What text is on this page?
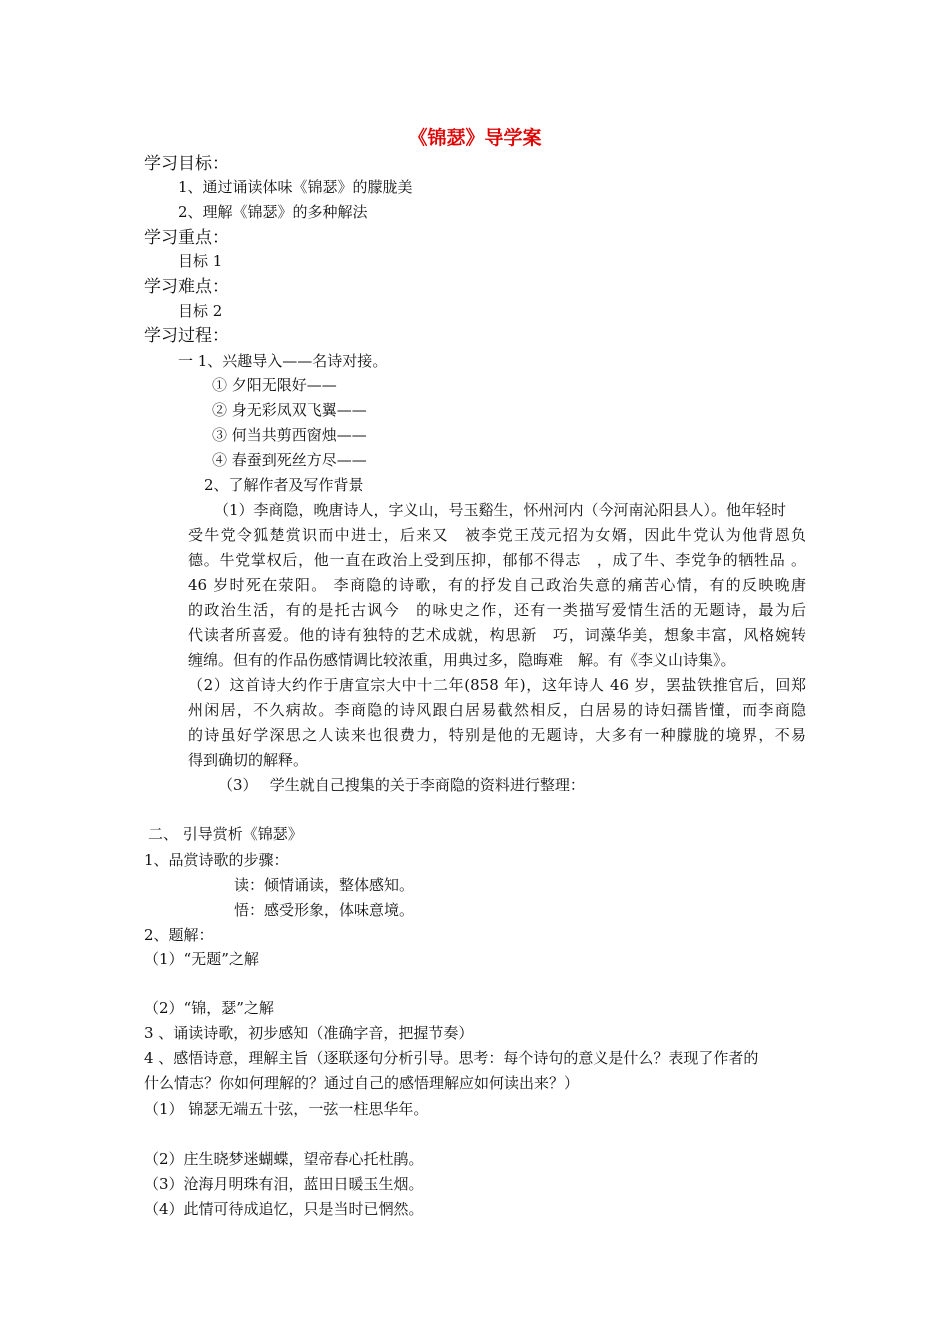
《锦瑟》导学案
学习目标：
1、通过诵读体味《锦瑟》的朦胧美
2、理解《锦瑟》的多种解法
学习重点：
目标 1
学习难点：
目标 2
学习过程：
一 1、兴趣导入——名诗对接。
① 夕阳无限好——
② 身无彩凤双飞翼——
③ 何当共剪西窗烛——
④ 春蚕到死丝方尽——
2、了解作者及写作背景
（1）李商隐，晚唐诗人，字义山，号玉谿生，怀州河内（今河南沁阳县人）。他年轻时
受牛党令狐楚赏识而中进士，后来又　被李党王茂元招为女婿，因此牛党认为他背恩负
德。牛党掌权后，他一直在政治上受到压抑，郁郁不得志　，成了牛、李党争的牺牲品 。
46 岁时死在荥阳。 李商隐的诗歌，有的抒发自己政治失意的痛苦心情，有的反映晚唐
的政治生活，有的是托古讽今　的咏史之作，还有一类描写爱情生活的无题诗，最为后
代读者所喜爱。他的诗有独特的艺术成就，构思新　巧，词藻华美，想象丰富，风格婉转
缠绵。但有的作品伤感情调比较浓重，用典过多，隐晦难　解。有《李义山诗集》。
（2）这首诗大约作于唐宣宗大中十二年(858 年)，这年诗人 46 岁，罢盐铁推官后，回郑
州闲居，不久病故。李商隐的诗风跟白居易截然相反，白居易的诗妇孺皆懂，而李商隐
的诗虽好学深思之人读来也很费力，特别是他的无题诗，大多有一种朦胧的境界，不易
得到确切的解释。
（3）　 学生就自己搜集的关于李商隐的资料进行整理：
二、 引导赏析《锦瑟》
1、品赏诗歌的步骤：
读：倾情诵读，整体感知。
悟：感受形象，体味意境。
2、题解：
（1）“无题”之解
（2）“锦，瑟”之解
3 、诵读诗歌，初步感知（准确字音，把握节奏）
4 、感悟诗意，理解主旨（逐联逐句分析引导。思考：每个诗句的意义是什么？表现了作者的
什么情志？你如何理解的？通过自己的感悟理解应如何读出来？）
（1） 锦瑟无端五十弦，一弦一柱思华年。
（2）庄生晓梦迷蝴蝶，望帝春心托杜鹃。
（3）沧海月明珠有泪，蓝田日暖玉生烟。
（4）此情可待成追忆，只是当时已惘然。
